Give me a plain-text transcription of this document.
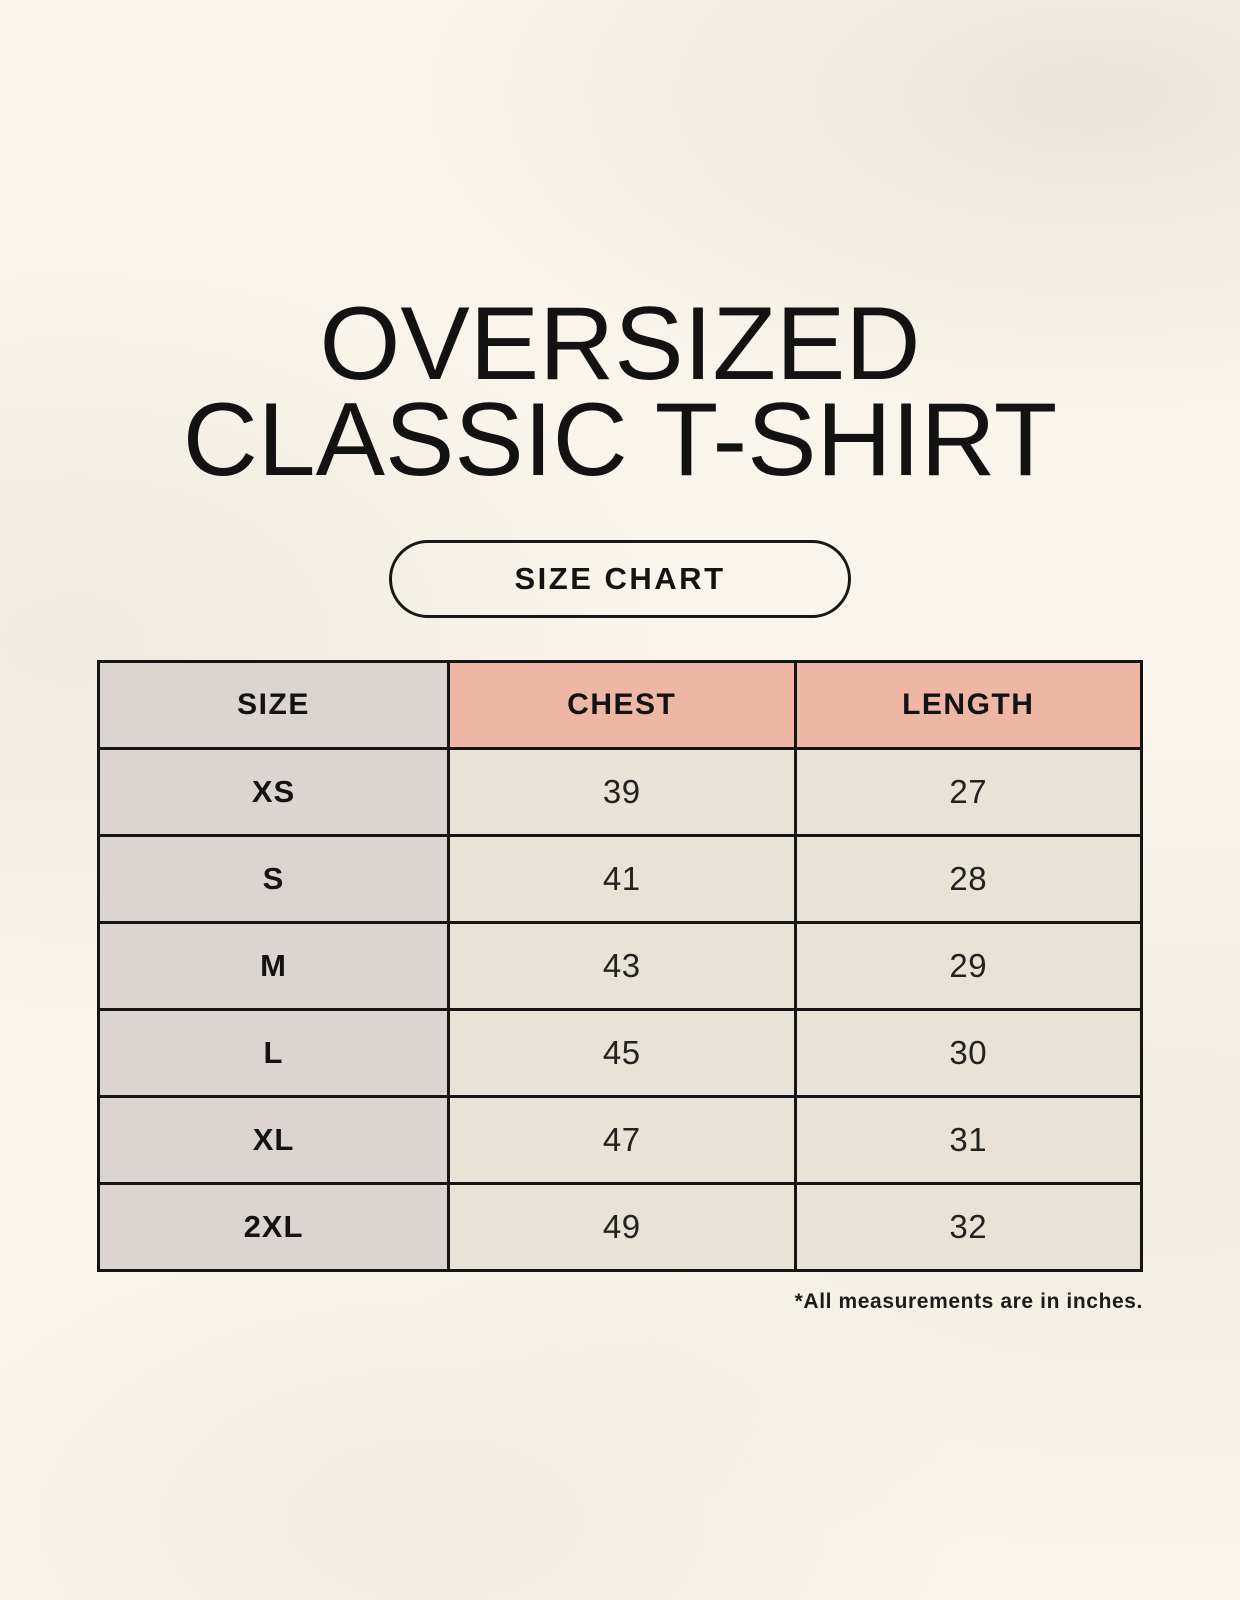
OVERSIZED
CLASSIC T-SHIRT
SIZE CHART
SIZE	CHEST	LENGTH
XS	39	27
S	41	28
M	43	29
L	45	30
XL	47	31
2XL	49	32
*All measurements are in inches.
